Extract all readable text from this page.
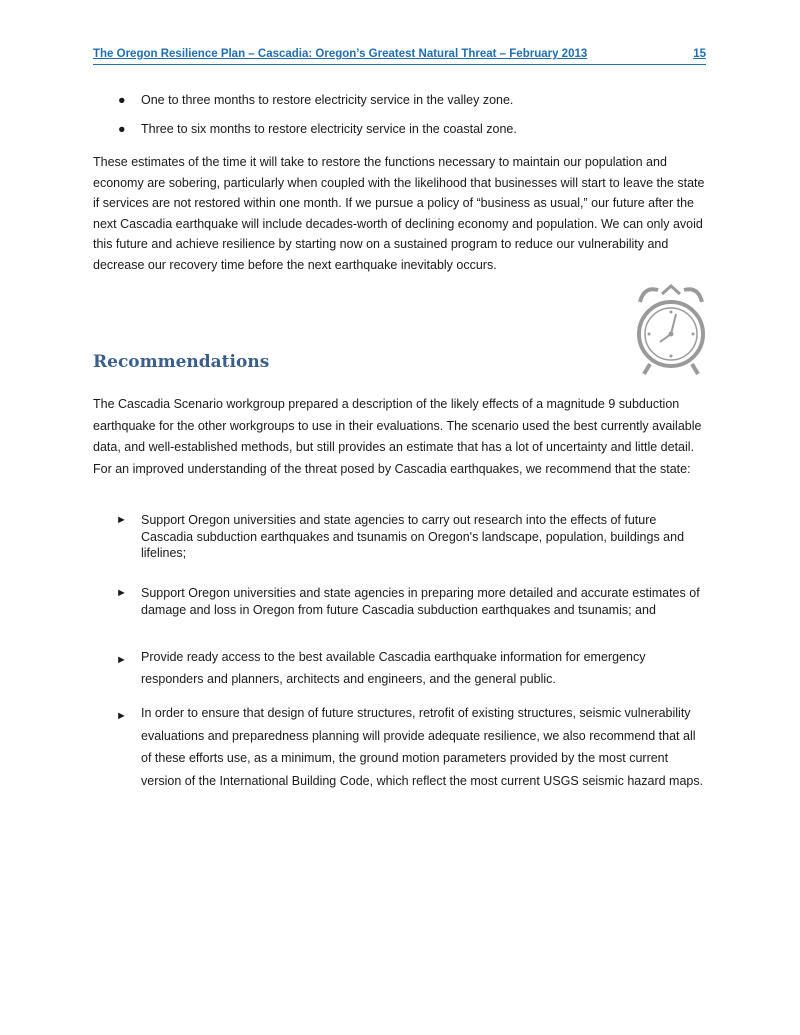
The Oregon Resilience Plan – Cascadia: Oregon’s Greatest Natural Threat – February 2013	15
● One to three months to restore electricity service in the valley zone.
● Three to six months to restore electricity service in the coastal zone.

These estimates of the time it will take to restore the functions necessary to maintain our population and economy are sobering, particularly when coupled with the likelihood that businesses will start to leave the state if services are not restored within one month. If we pursue a policy of “business as usual,” our future after the next Cascadia earthquake will include decades-worth of declining economy and population. We can only avoid this future and achieve resilience by starting now on a sustained program to reduce our vulnerability and decrease our recovery time before the next earthquake inevitably occurs.

Recommendations

The Cascadia Scenario workgroup prepared a description of the likely effects of a magnitude 9 subduction earthquake for the other workgroups to use in their evaluations. The scenario used the best currently available data, and well-established methods, but still provides an estimate that has a lot of uncertainty and little detail. For an improved understanding of the threat posed by Cascadia earthquakes, we recommend that the state:

► Support Oregon universities and state agencies to carry out research into the effects of future Cascadia subduction earthquakes and tsunamis on Oregon's landscape, population, buildings and lifelines;
► Support Oregon universities and state agencies in preparing more detailed and accurate estimates of damage and loss in Oregon from future Cascadia subduction earthquakes and tsunamis; and
► Provide ready access to the best available Cascadia earthquake information for emergency responders and planners, architects and engineers, and the general public.
► In order to ensure that design of future structures, retrofit of existing structures, seismic vulnerability evaluations and preparedness planning will provide adequate resilience, we also recommend that all of these efforts use, as a minimum, the ground motion parameters provided by the most current version of the International Building Code, which reflect the most current USGS seismic hazard maps.
